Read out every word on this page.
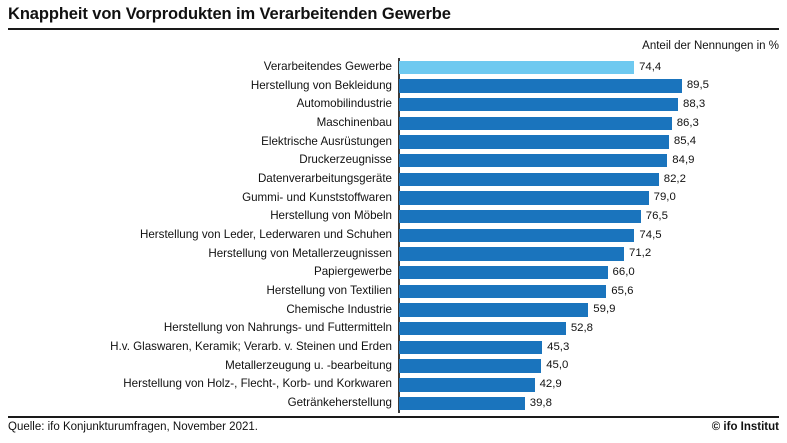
Knappheit von Vorprodukten im Verarbeitenden Gewerbe
Anteil der Nennungen in %
Verarbeitendes Gewerbe	74,4
Herstellung von Bekleidung	89,5
Automobilindustrie	88,3
Maschinenbau	86,3
Elektrische Ausrüstungen	85,4
Druckerzeugnisse	84,9
Datenverarbeitungsgeräte	82,2
Gummi- und Kunststoffwaren	79,0
Herstellung von Möbeln	76,5
Herstellung von Leder, Lederwaren und Schuhen	74,5
Herstellung von Metallerzeugnissen	71,2
Papiergewerbe	66,0
Herstellung von Textilien	65,6
Chemische Industrie	59,9
Herstellung von Nahrungs- und Futtermitteln	52,8
H.v. Glaswaren, Keramik; Verarb. v. Steinen und Erden	45,3
Metallerzeugung u. -bearbeitung	45,0
Herstellung von Holz-, Flecht-, Korb- und Korkwaren	42,9
Getränkeherstellung	39,8
Quelle: ifo Konjunkturumfragen, November 2021.	© ifo Institut
